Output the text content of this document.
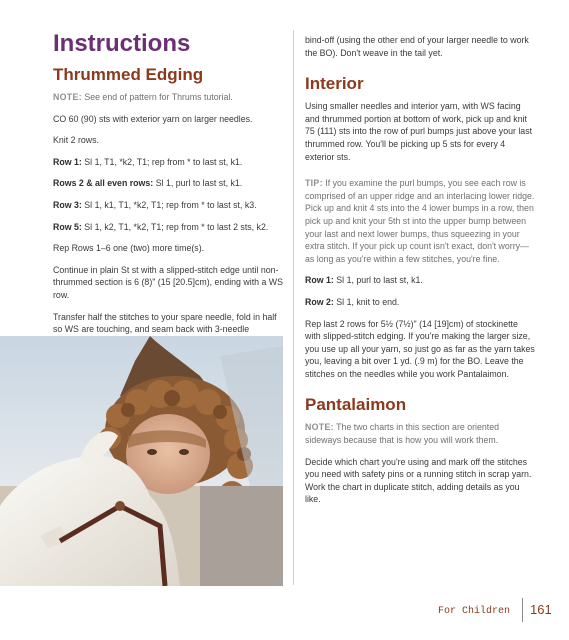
Instructions
Thrummed Edging

NOTE: See end of pattern for Thrums tutorial.

CO 60 (90) sts with exterior yarn on larger needles.

Knit 2 rows.

Row 1: Sl 1, T1, *k2, T1; rep from * to last st, k1.

Rows 2 & all even rows: Sl 1, purl to last st, k1.

Row 3: Sl 1, k1, T1, *k2, T1; rep from * to last st, k3.

Row 5: Sl 1, k2, T1, *k2, T1; rep from * to last 2 sts, k2.

Rep Rows 1–6 one (two) more time(s).

Continue in plain St st with a slipped-stitch edge until non-thrummed section is 6 (8)" (15 [20.5]cm), ending with a WS row.

Transfer half the stitches to your spare needle, fold in half so WS are touching, and seam back with 3-needle

bind-off (using the other end of your larger needle to work the BO). Don't weave in the tail yet.

Interior

Using smaller needles and interior yarn, with WS facing and thrummed portion at bottom of work, pick up and knit 75 (111) sts into the row of purl bumps just above your last thrummed row. You'll be picking up 5 sts for every 4 exterior sts.

TIP: If you examine the purl bumps, you see each row is comprised of an upper ridge and an interlacing lower ridge. Pick up and knit 4 sts into the 4 lower bumps in a row, then pick up and knit your 5th st into the upper bump between your last and next lower bumps, thus squeezing in your extra stitch. If your pick up count isn't exact, don't worry—as long as you're within a few stitches, you're fine.

Row 1: Sl 1, purl to last st, k1.

Row 2: Sl 1, knit to end.

Rep last 2 rows for 5½ (7½)" (14 [19]cm) of stockinette with slipped-stitch edging. If you're making the larger size, you use up all your yarn, so just go as far as the yarn takes you, leaving a bit over 1 yd. (.9 m) for the BO. Leave the stitches on the needles while you work Pantalaimon.

Pantalaimon

NOTE: The two charts in this section are oriented sideways because that is how you will work them.

Decide which chart you're using and mark off the stitches you need with safety pins or a running stitch in scrap yarn. Work the chart in duplicate stitch, adding details as you like.

For Children 161
